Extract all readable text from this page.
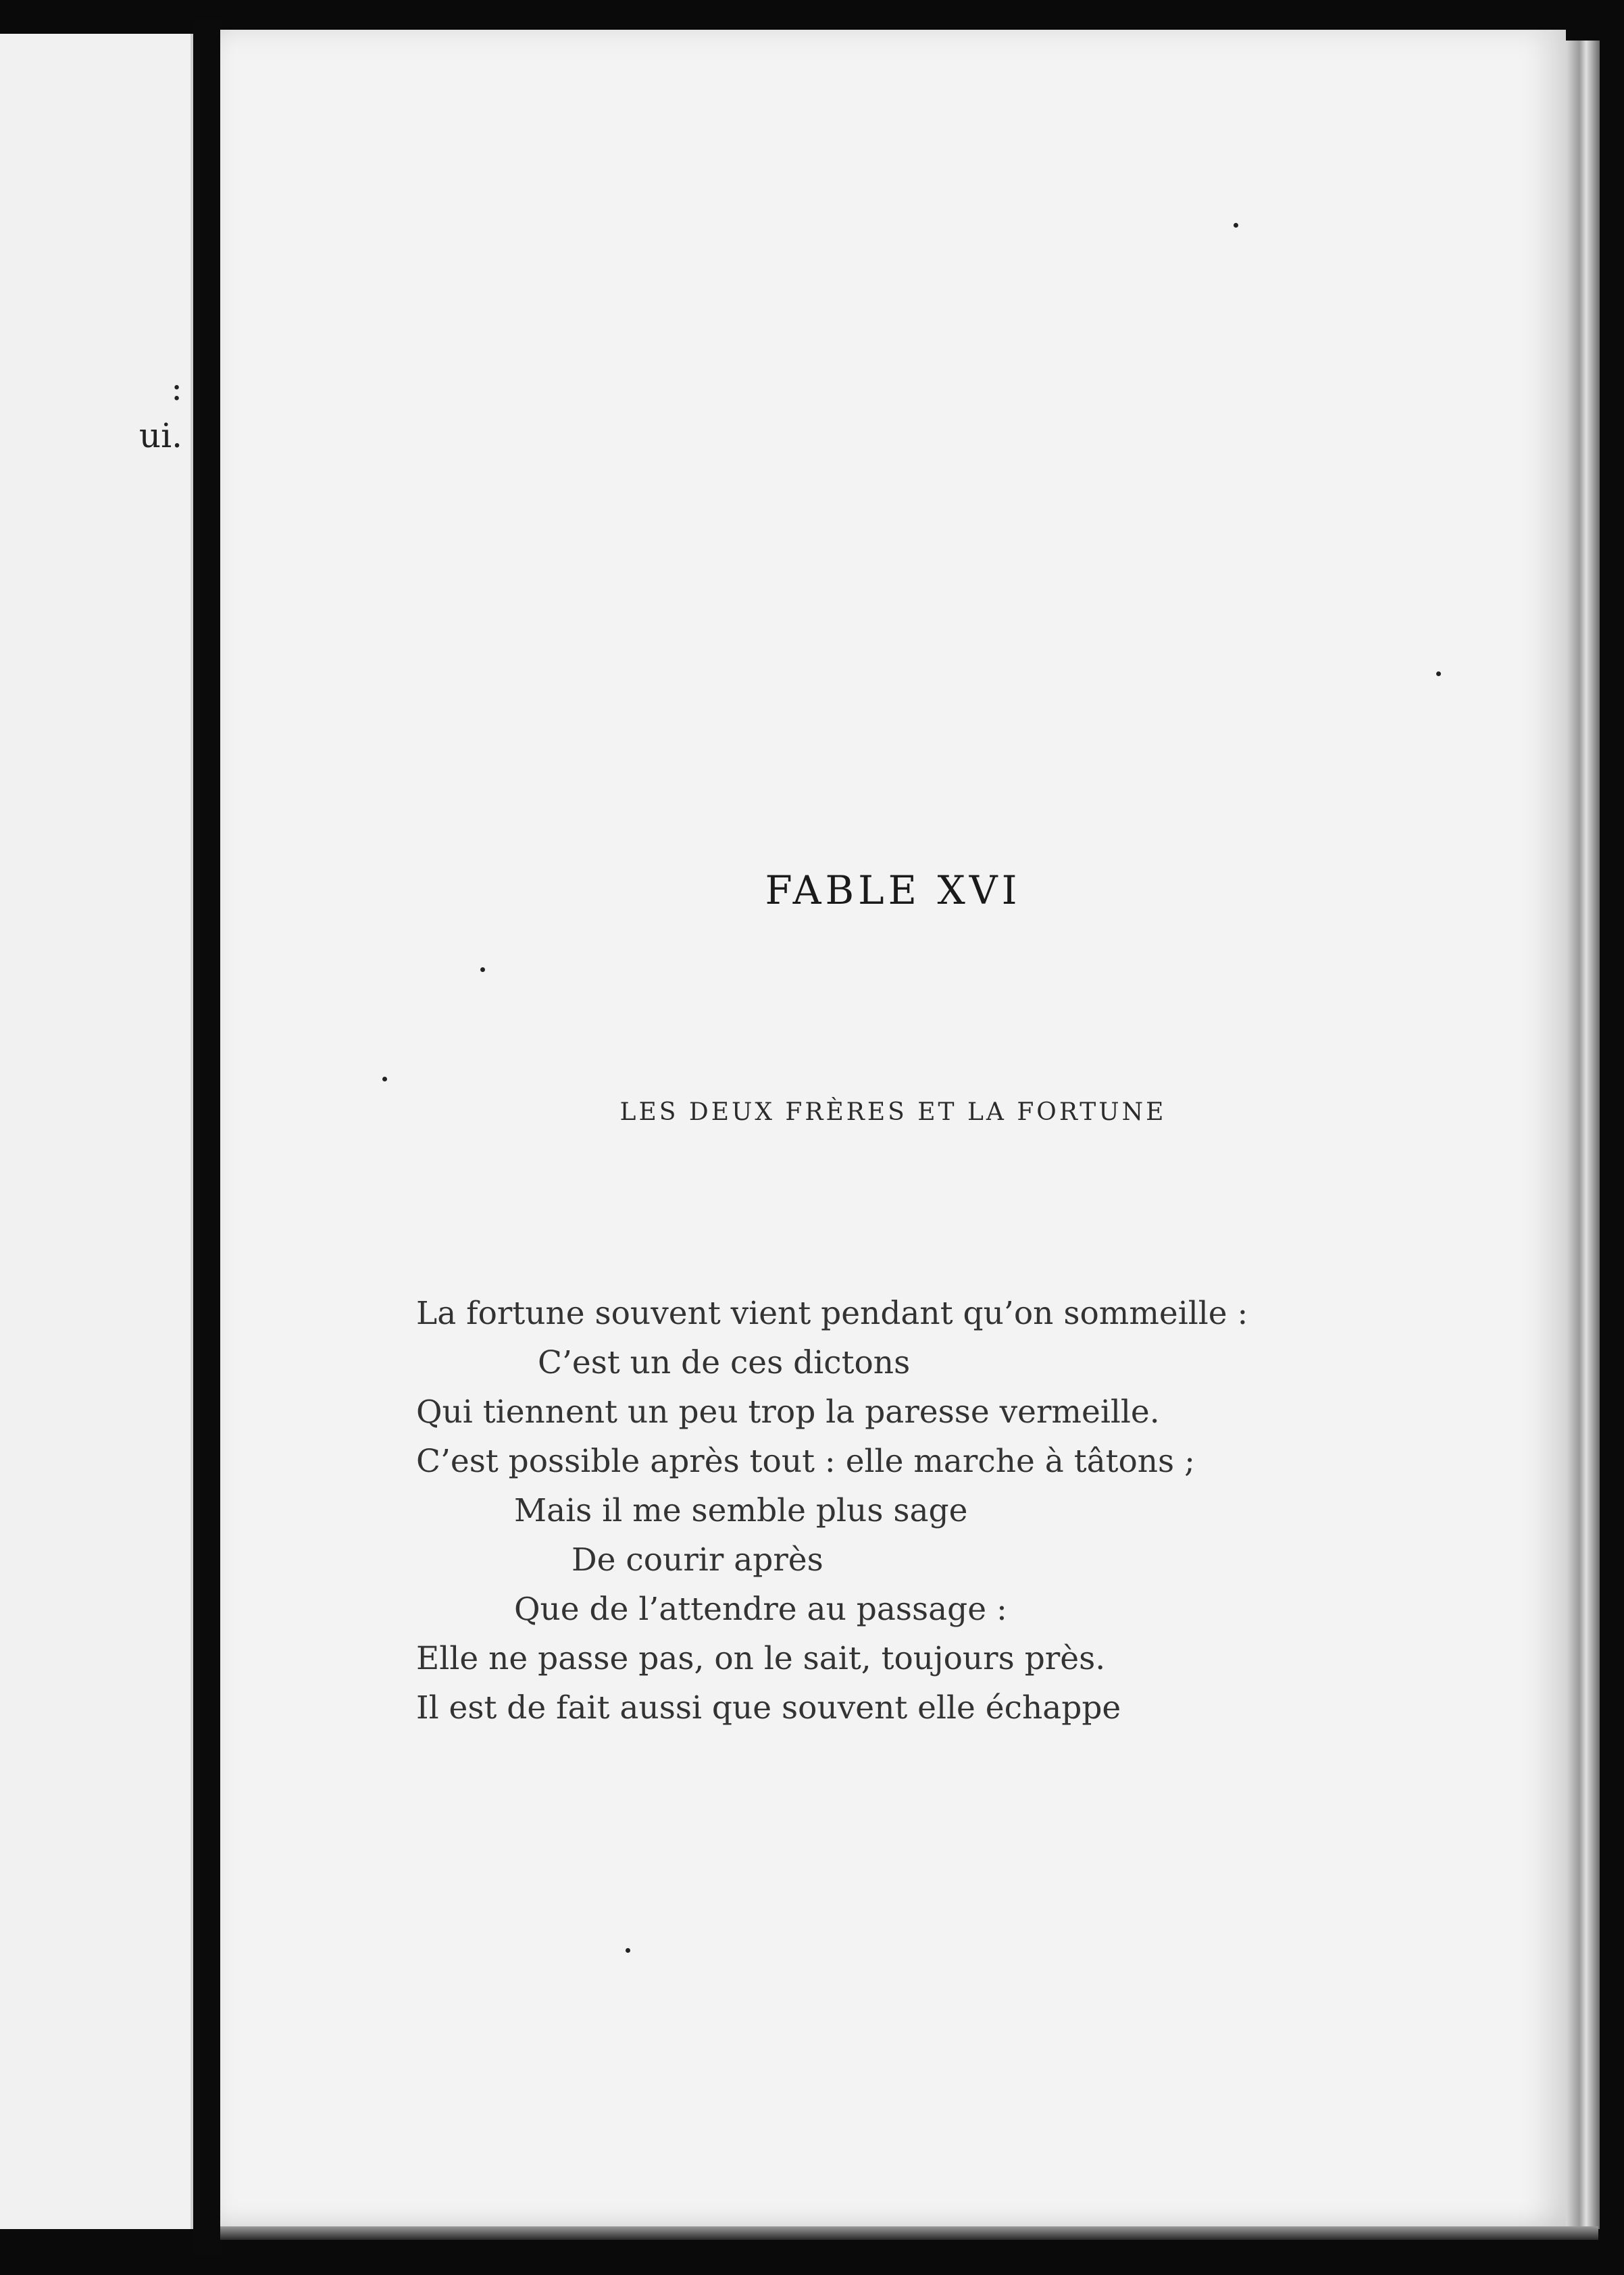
:
ui.
FABLE XVI
LES DEUX FRÈRES ET LA FORTUNE
La fortune souvent vient pendant qu’on sommeille :
C’est un de ces dictons
Qui tiennent un peu trop la paresse vermeille.
C’est possible après tout : elle marche à tâtons ;
Mais il me semble plus sage
De courir après
Que de l’attendre au passage :
Elle ne passe pas, on le sait, toujours près.
Il est de fait aussi que souvent elle échappe
